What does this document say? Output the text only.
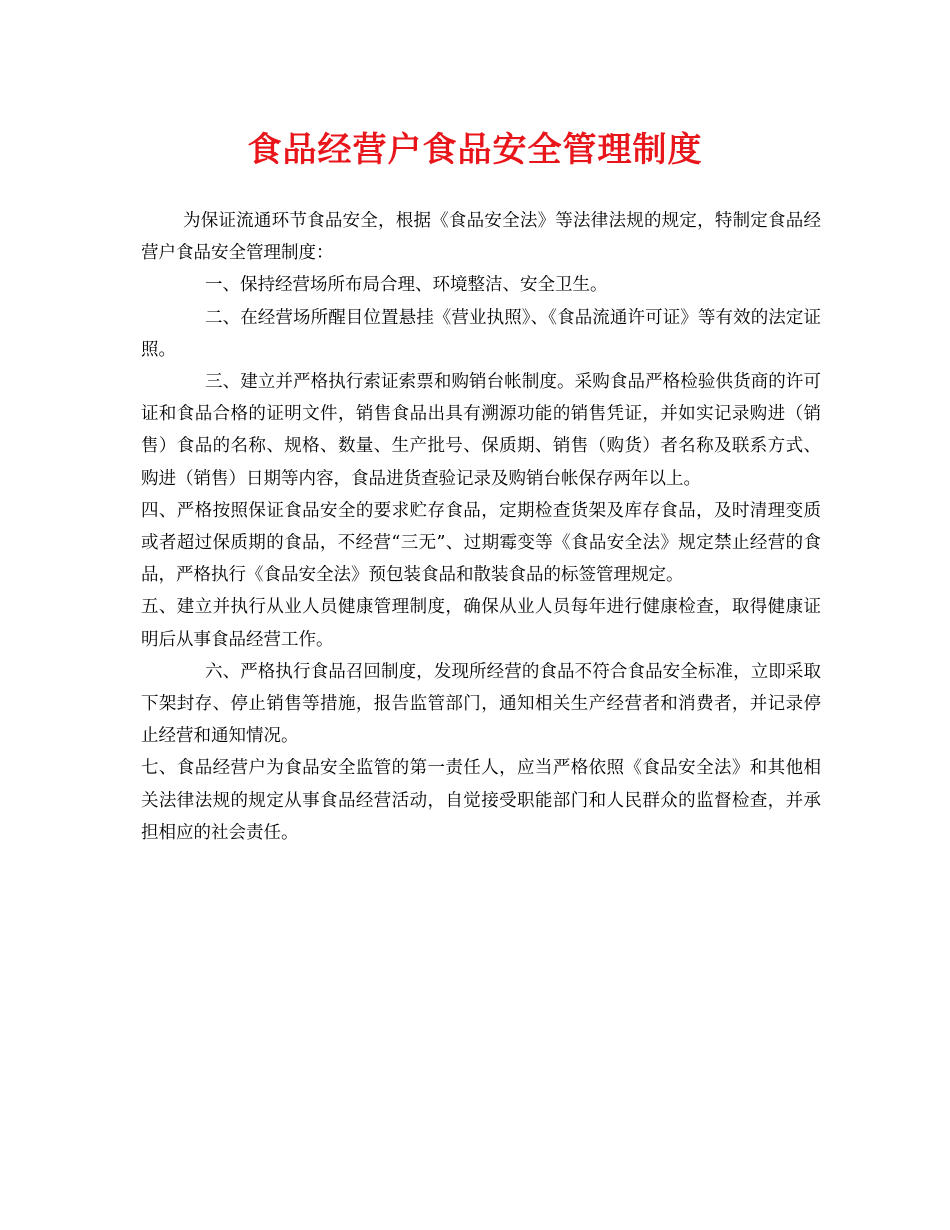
食品经营户食品安全管理制度

为保证流通环节食品安全，根据《食品安全法》等法律法规的规定，特制定食品经营户食品安全管理制度：

一、保持经营场所布局合理、环境整洁、安全卫生。

二、在经营场所醒目位置悬挂《营业执照》、《食品流通许可证》等有效的法定证照。

三、建立并严格执行索证索票和购销台帐制度。采购食品严格检验供货商的许可证和食品合格的证明文件，销售食品出具有溯源功能的销售凭证，并如实记录购进（销售）食品的名称、规格、数量、生产批号、保质期、销售（购货）者名称及联系方式、购进（销售）日期等内容，食品进货查验记录及购销台帐保存两年以上。

四、严格按照保证食品安全的要求贮存食品，定期检查货架及库存食品，及时清理变质或者超过保质期的食品，不经营“三无”、过期霉变等《食品安全法》规定禁止经营的食品，严格执行《食品安全法》预包装食品和散装食品的标签管理规定。

五、建立并执行从业人员健康管理制度，确保从业人员每年进行健康检查，取得健康证明后从事食品经营工作。

六、严格执行食品召回制度，发现所经营的食品不符合食品安全标准，立即采取下架封存、停止销售等措施，报告监管部门，通知相关生产经营者和消费者，并记录停止经营和通知情况。

七、食品经营户为食品安全监管的第一责任人，应当严格依照《食品安全法》和其他相关法律法规的规定从事食品经营活动，自觉接受职能部门和人民群众的监督检查，并承担相应的社会责任。
